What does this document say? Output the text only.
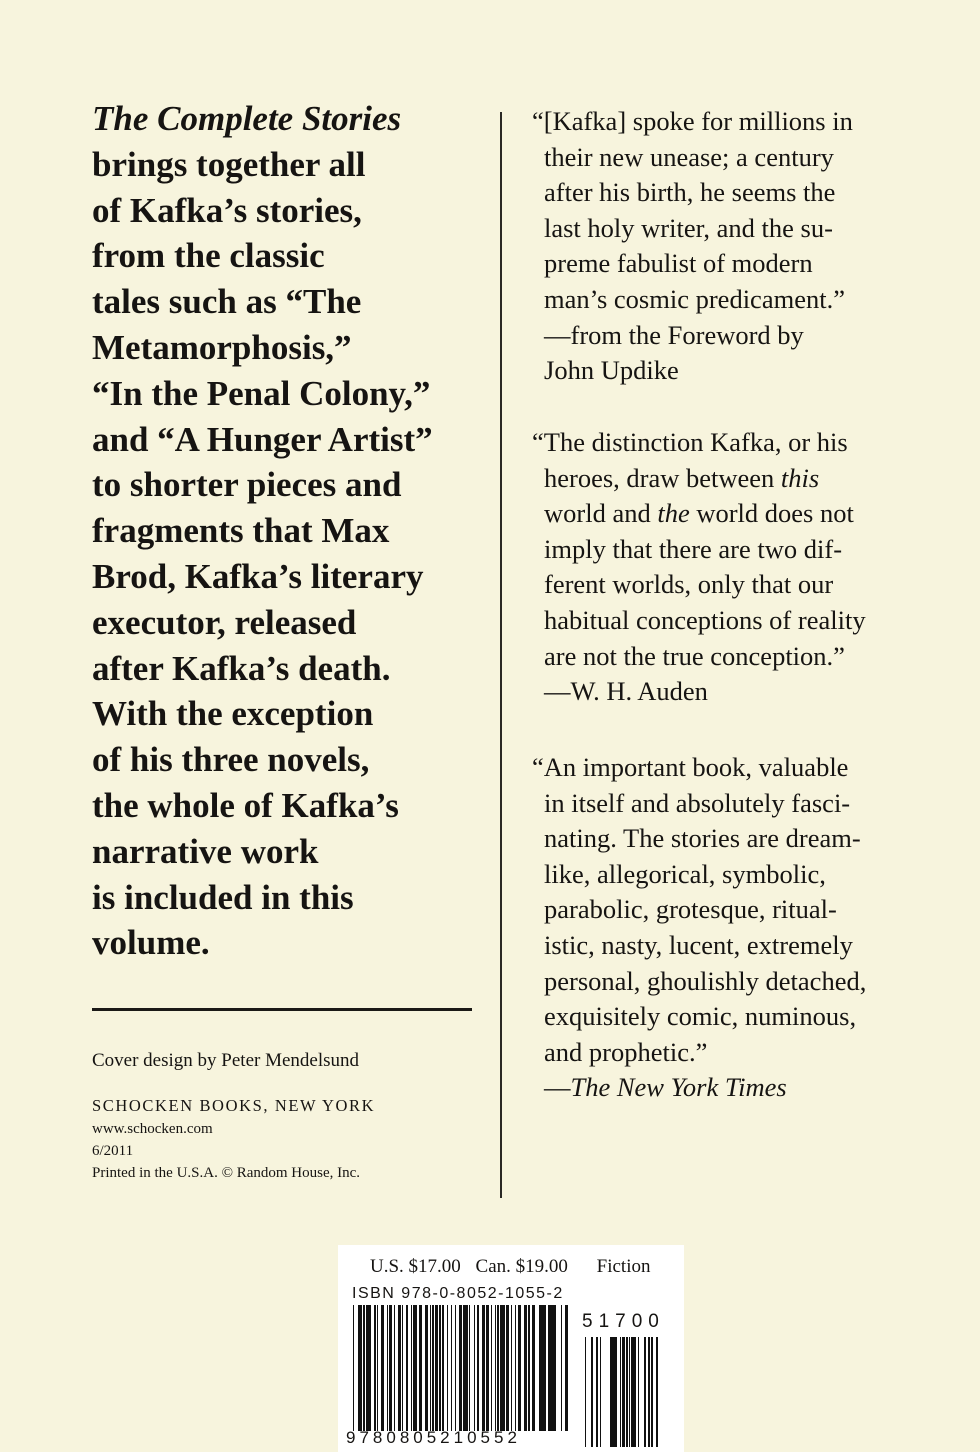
The Complete Stories
brings together all
of Kafka’s stories,
from the classic
tales such as “The
Metamorphosis,”
“In the Penal Colony,”
and “A Hunger Artist”
to shorter pieces and
fragments that Max
Brod, Kafka’s literary
executor, released
after Kafka’s death.
With the exception
of his three novels,
the whole of Kafka’s
narrative work
is included in this
volume.

Cover design by Peter Mendelsund

SCHOCKEN BOOKS, NEW YORK

www.schocken.com

6/2011

Printed in the U.S.A. © Random House, Inc.

“[Kafka] spoke for millions in
their new unease; a century
after his birth, he seems the
last holy writer, and the su-
preme fabulist of modern
man’s cosmic predicament.”
—from the Foreword by
John Updike

“The distinction Kafka, or his
heroes, draw between this
world and the world does not
imply that there are two dif-
ferent worlds, only that our
habitual conceptions of reality
are not the true conception.”
—W. H. Auden

“An important book, valuable
in itself and absolutely fasci-
nating. The stories are dream-
like, allegorical, symbolic,
parabolic, grotesque, ritual-
istic, nasty, lucent, extremely
personal, ghoulishly detached,
exquisitely comic, numinous,
and prophetic.”
—The New York Times

U.S. $17.00 Can. $19.00 Fiction
ISBN 978-0-8052-1055-2
51700
9780805210552
